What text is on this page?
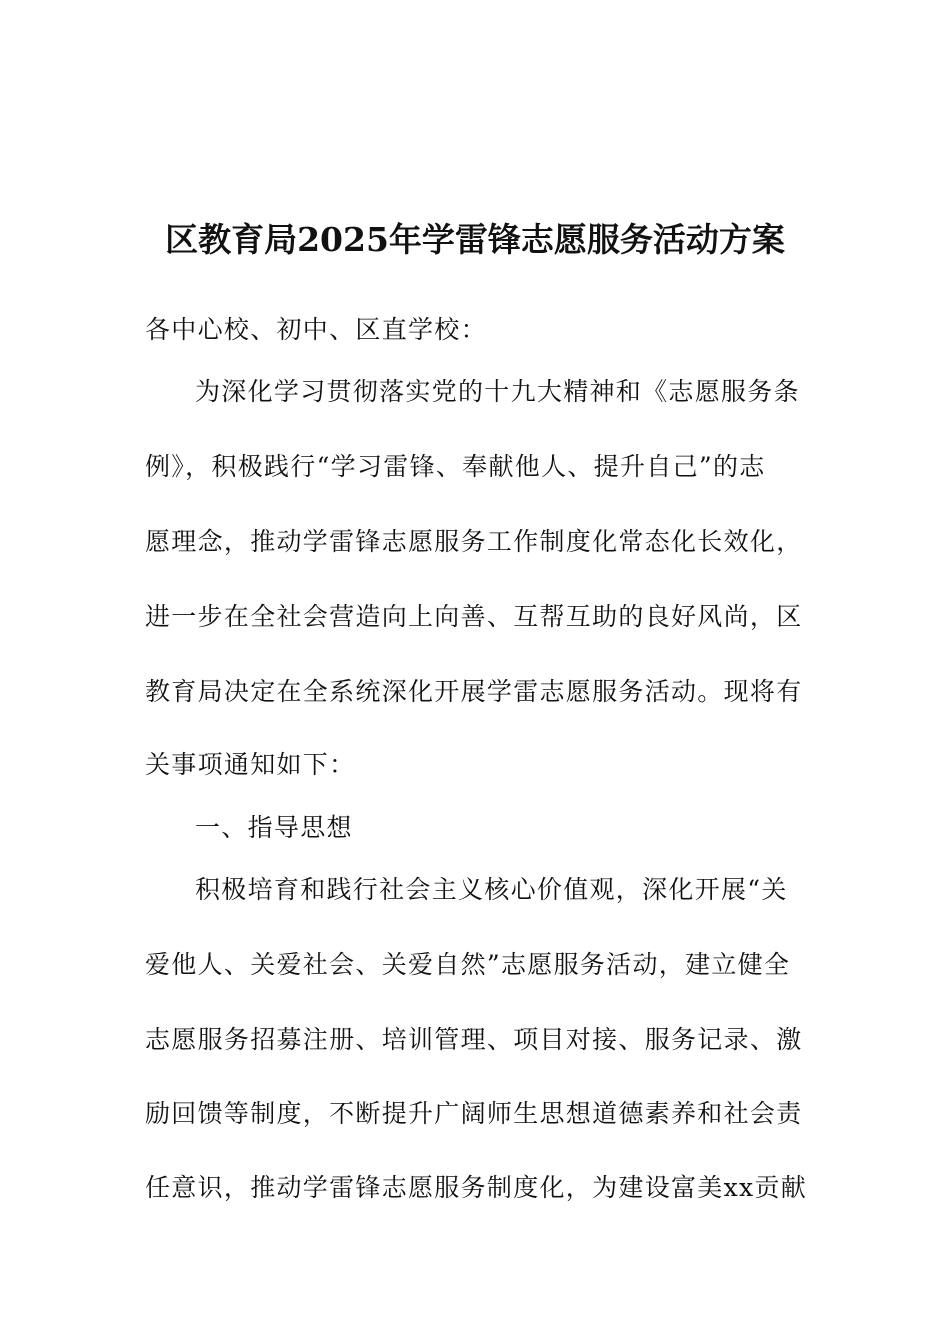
区教育局2025年学雷锋志愿服务活动方案
各中心校、初中、区直学校：
为深化学习贯彻落实党的十九大精神和《志愿服务条
例》，积极践行“学习雷锋、奉献他人、提升自己”的志
愿理念，推动学雷锋志愿服务工作制度化常态化长效化，
进一步在全社会营造向上向善、互帮互助的良好风尚，区
教育局决定在全系统深化开展学雷志愿服务活动。现将有
关事项通知如下：
一、指导思想
积极培育和践行社会主义核心价值观，深化开展“关
爱他人、关爱社会、关爱自然”志愿服务活动，建立健全
志愿服务招募注册、培训管理、项目对接、服务记录、激
励回馈等制度，不断提升广阔师生思想道德素养和社会责
任意识，推动学雷锋志愿服务制度化，为建设富美xx贡献
